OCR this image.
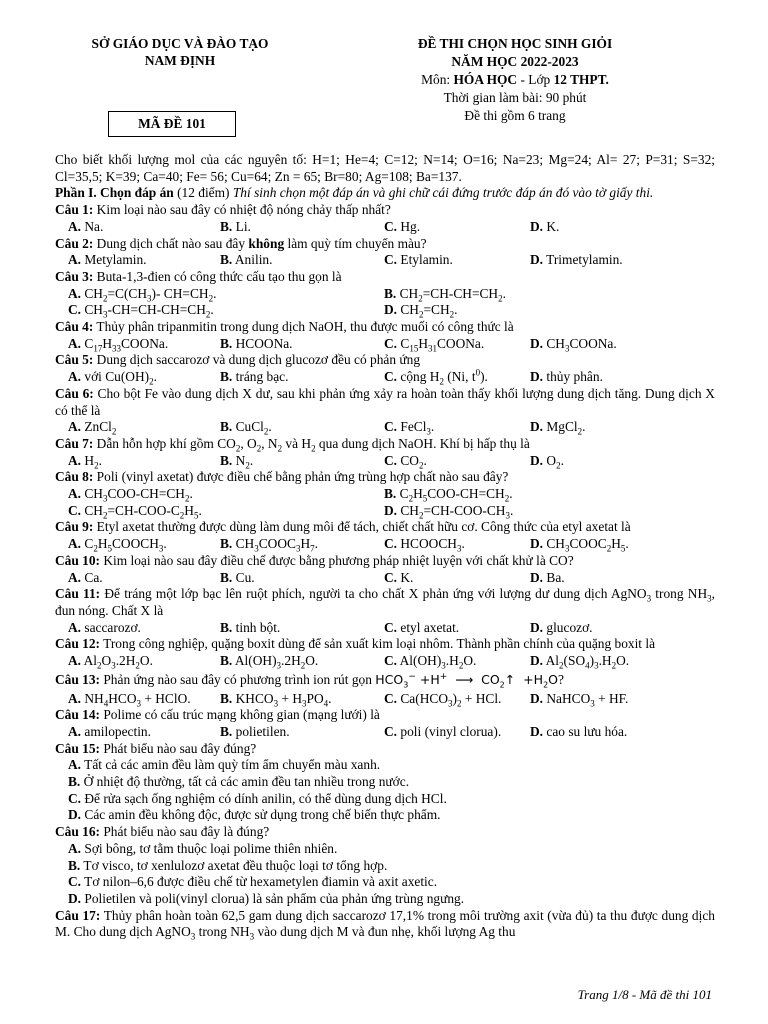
SỞ GIÁO DỤC VÀ ĐÀO TẠO
NAM ĐỊNH
ĐỀ THI CHỌN HỌC SINH GIỎI
NĂM HỌC 2022-2023
Môn: HÓA HỌC - Lớp 12 THPT.
Thời gian làm bài: 90 phút
Đề thi gồm 6 trang
MÃ ĐỀ 101
Cho biết khối lượng mol của các nguyên tố: H=1; He=4; C=12; N=14; O=16; Na=23; Mg=24; Al= 27; P=31; S=32; Cl=35,5; K=39; Ca=40; Fe= 56; Cu=64; Zn = 65; Br=80; Ag=108; Ba=137.
Phần I. Chọn đáp án (12 điểm) Thí sinh chọn một đáp án và ghi chữ cái đứng trước đáp án đó vào tờ giấy thi.
Câu 1: Kim loại nào sau đây có nhiệt độ nóng chảy thấp nhất?
A. Na.	B. Li.	C. Hg.	D. K.
Câu 2: Dung dịch chất nào sau đây không làm quỳ tím chuyển màu?
A. Metylamin.	B. Anilin.	C. Etylamin.	D. Trimetylamin.
Câu 3: Buta-1,3-đien có công thức cấu tạo thu gọn là
A. $CH_2=C(CH_3)-$ $CH=CH_2$.	B. $CH_2=CH-CH=CH_2$.
C. $CH_3-CH=CH-CH=CH_2$.	D. $CH_2=CH_2$.
Câu 4: Thủy phân tripanmitin trong dung dịch NaOH, thu được muối có công thức là
A. $C_{17}H_{33}COONa$.	B. HCOONa.	C. $C_{15}H_{31}COONa$.	D. $CH_3COONa$.
Câu 5: Dung dịch saccarozơ và dung dịch glucozơ đều có phản ứng
A. với $Cu(OH)_2$.	B. tráng bạc.	C. cộng $H_2$ (Ni, $t^0$).	D. thủy phân.
Câu 6: Cho bột Fe vào dung dịch X dư, sau khi phản ứng xảy ra hoàn toàn thấy khối lượng dung dịch tăng. Dung dịch X có thể là
A. ZnCl$_2$	B. CuCl$_2$.	C. FeCl$_3$.	D. MgCl$_2$.
Câu 7: Dẫn hỗn hợp khí gồm $CO_2$, $O_2$, $N_2$ và $H_2$ qua dung dịch NaOH. Khí bị hấp thụ là
A. $H_2$.	B. $N_2$.	C. $CO_2$.	D. $O_2$.
Câu 8: Poli (vinyl axetat) được điều chế bằng phản ứng trùng hợp chất nào sau đây?
A. $CH_3COO-CH=CH_2$.	B. $C_2H_5COO-CH=CH_2$.
C. $CH_2=CH-COO-C_2H_5$.	D. $CH_2=CH-COO-CH_3$.
Câu 9: Etyl axetat thường được dùng làm dung môi để tách, chiết chất hữu cơ. Công thức của etyl axetat là
A. $C_2H_5COOCH_3$.	B. $CH_3COOC_3H_7$.	C. $HCOOCH_3$.	D. $CH_3COOC_2H_5$.
Câu 10: Kim loại nào sau đây điều chế được bằng phương pháp nhiệt luyện với chất khử là CO?
A. Ca.	B. Cu.	C. K.	D. Ba.
Câu 11: Để tráng một lớp bạc lên ruột phích, người ta cho chất X phản ứng với lượng dư dung dịch AgNO$_3$ trong $NH_3$, đun nóng. Chất X là
A. saccarozơ.	B. tinh bột.	C. etyl axetat.	D. glucozơ.
Câu 12: Trong công nghiệp, quặng boxit dùng để sản xuất kim loại nhôm. Thành phần chính của quặng boxit là
A. $Al_2O_3.2H_2O$.	B. $Al(OH)_3.2H_2O$.	C. $Al(OH)_3.H_2O$.	D. $Al_2(SO_4)_3.H_2O$.
Câu 13: Phản ứng nào sau đây có phương trình ion rút gọn $HCO_3^- +H^+$  ⟶  $CO_2↑ +H_2O$?
A. $NH_4HCO_3$ + HClO.	B. $KHCO_3 + H_3PO_4$.	C. $Ca(HCO_3)_2$ + HCl.	D. NaHCO$_3$ + HF.
Câu 14: Polime có cấu trúc mạng không gian (mạng lưới) là
A. amilopectin.	B. polietilen.	C. poli (vinyl clorua).	D. cao su lưu hóa.
Câu 15: Phát biểu nào sau đây đúng?
A. Tất cả các amin đều làm quỳ tím ẩm chuyển màu xanh.
B. Ở nhiệt độ thường, tất cả các amin đều tan nhiều trong nước.
C. Để rửa sạch ống nghiệm có dính anilin, có thể dùng dung dịch HCl.
D. Các amin đều không độc, được sử dụng trong chế biến thực phẩm.
Câu 16: Phát biểu nào sau đây là đúng?
A. Sợi bông, tơ tằm thuộc loại polime thiên nhiên.
B. Tơ visco, tơ xenlulozơ axetat đều thuộc loại tơ tổng hợp.
C. Tơ nilon–6,6 được điều chế từ hexametylen điamin và axit axetic.
D. Polietilen và poli(vinyl clorua) là sản phẩm của phản ứng trùng ngưng.
Câu 17: Thủy phân hoàn toàn 62,5 gam dung dịch saccarozơ 17,1% trong môi trường axit (vừa đủ) ta thu được dung dịch M. Cho dung dịch AgNO$_3$ trong $NH_3$ vào dung dịch M và đun nhẹ, khối lượng Ag thu
Trang 1/8 - Mã đề thi 101
